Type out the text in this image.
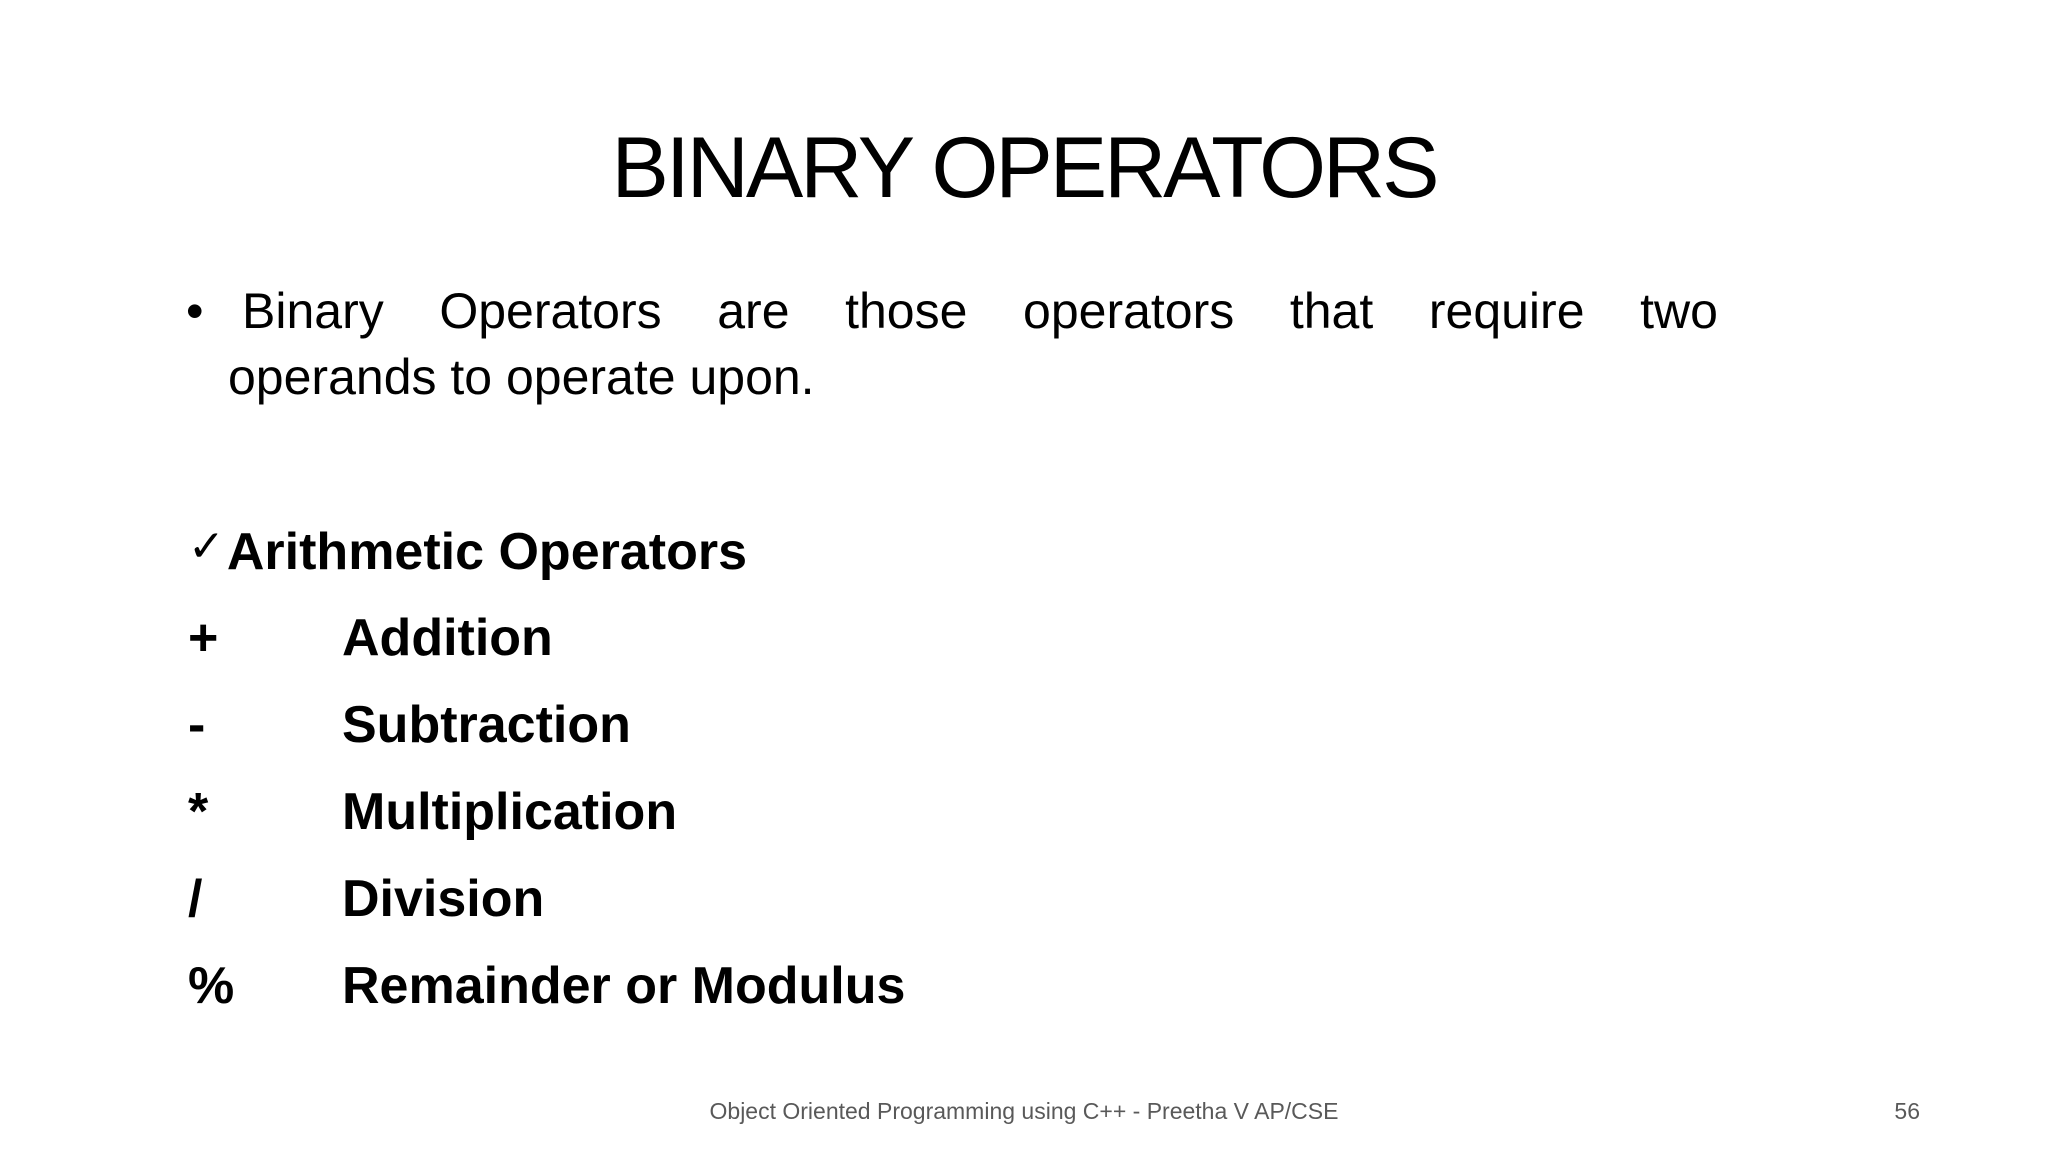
BINARY OPERATORS
• Binary Operators are those operators that require two
operands to operate upon.
✓Arithmetic Operators
+	Addition
-	Subtraction
*	Multiplication
/	Division
%	Remainder or Modulus
Object Oriented Programming using C++ - Preetha V AP/CSE	56
